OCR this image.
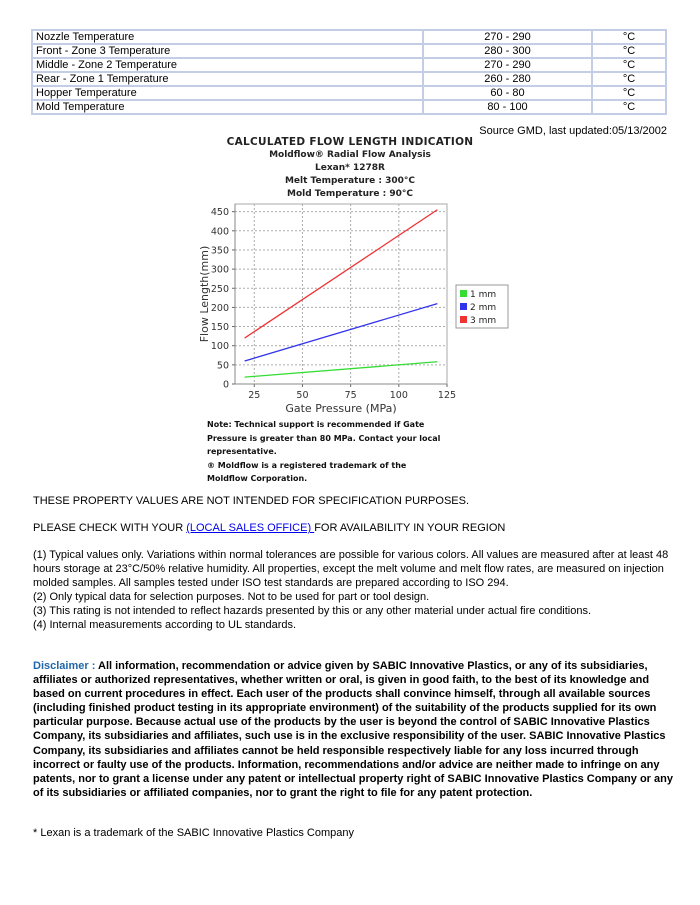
Nozzle Temperature	270 - 290	°C
Front - Zone 3 Temperature	280 - 300	°C
Middle - Zone 2 Temperature	270 - 290	°C
Rear - Zone 1 Temperature	260 - 280	°C
Hopper Temperature	60 - 80	°C
Mold Temperature	80 - 100	°C
Source GMD, last updated:05/13/2002
CALCULATED FLOW LENGTH INDICATION
Moldflow® Radial Flow Analysis
Lexan* 1278R
Melt Temperature : 300°C
Mold Temperature : 90°C
0
50
100
150
200
250
300
350
400
450
25	50	75	100	125
Gate Pressure (MPa)
Flow Length(mm)	1 mm
2 mm
3 mm
Note: Technical support is recommended if Gate Pressure is greater than 80 MPa. Contact your local representative.
® Moldflow is a registered trademark of the Moldflow Corporation.
THESE PROPERTY VALUES ARE NOT INTENDED FOR SPECIFICATION PURPOSES.
PLEASE CHECK WITH YOUR (LOCAL SALES OFFICE) FOR AVAILABILITY IN YOUR REGION
(1) Typical values only. Variations within normal tolerances are possible for various colors. All values are measured after at least 48 hours storage at 23°C/50% relative humidity. All properties, except the melt volume and melt flow rates, are measured on injection molded samples. All samples tested under ISO test standards are prepared according to ISO 294.
(2) Only typical data for selection purposes. Not to be used for part or tool design.
(3) This rating is not intended to reflect hazards presented by this or any other material under actual fire conditions.
(4) Internal measurements according to UL standards.
Disclaimer : All information, recommendation or advice given by SABIC Innovative Plastics, or any of its subsidiaries, affiliates or authorized representatives, whether written or oral, is given in good faith, to the best of its knowledge and based on current procedures in effect. Each user of the products shall convince himself, through all available sources (including finished product testing in its appropriate environment) of the suitability of the products supplied for its own particular purpose. Because actual use of the products by the user is beyond the control of SABIC Innovative Plastics Company, its subsidiaries and affiliates, such use is in the exclusive responsibility of the user. SABIC Innovative Plastics Company, its subsidiaries and affiliates cannot be held responsible respectively liable for any loss incurred through incorrect or faulty use of the products. Information, recommendations and/or advice are neither made to infringe on any patents, nor to grant a license under any patent or intellectual property right of SABIC Innovative Plastics Company or any of its subsidiaries or affiliated companies, nor to grant the right to file for any patent protection.
* Lexan is a trademark of the SABIC Innovative Plastics Company
